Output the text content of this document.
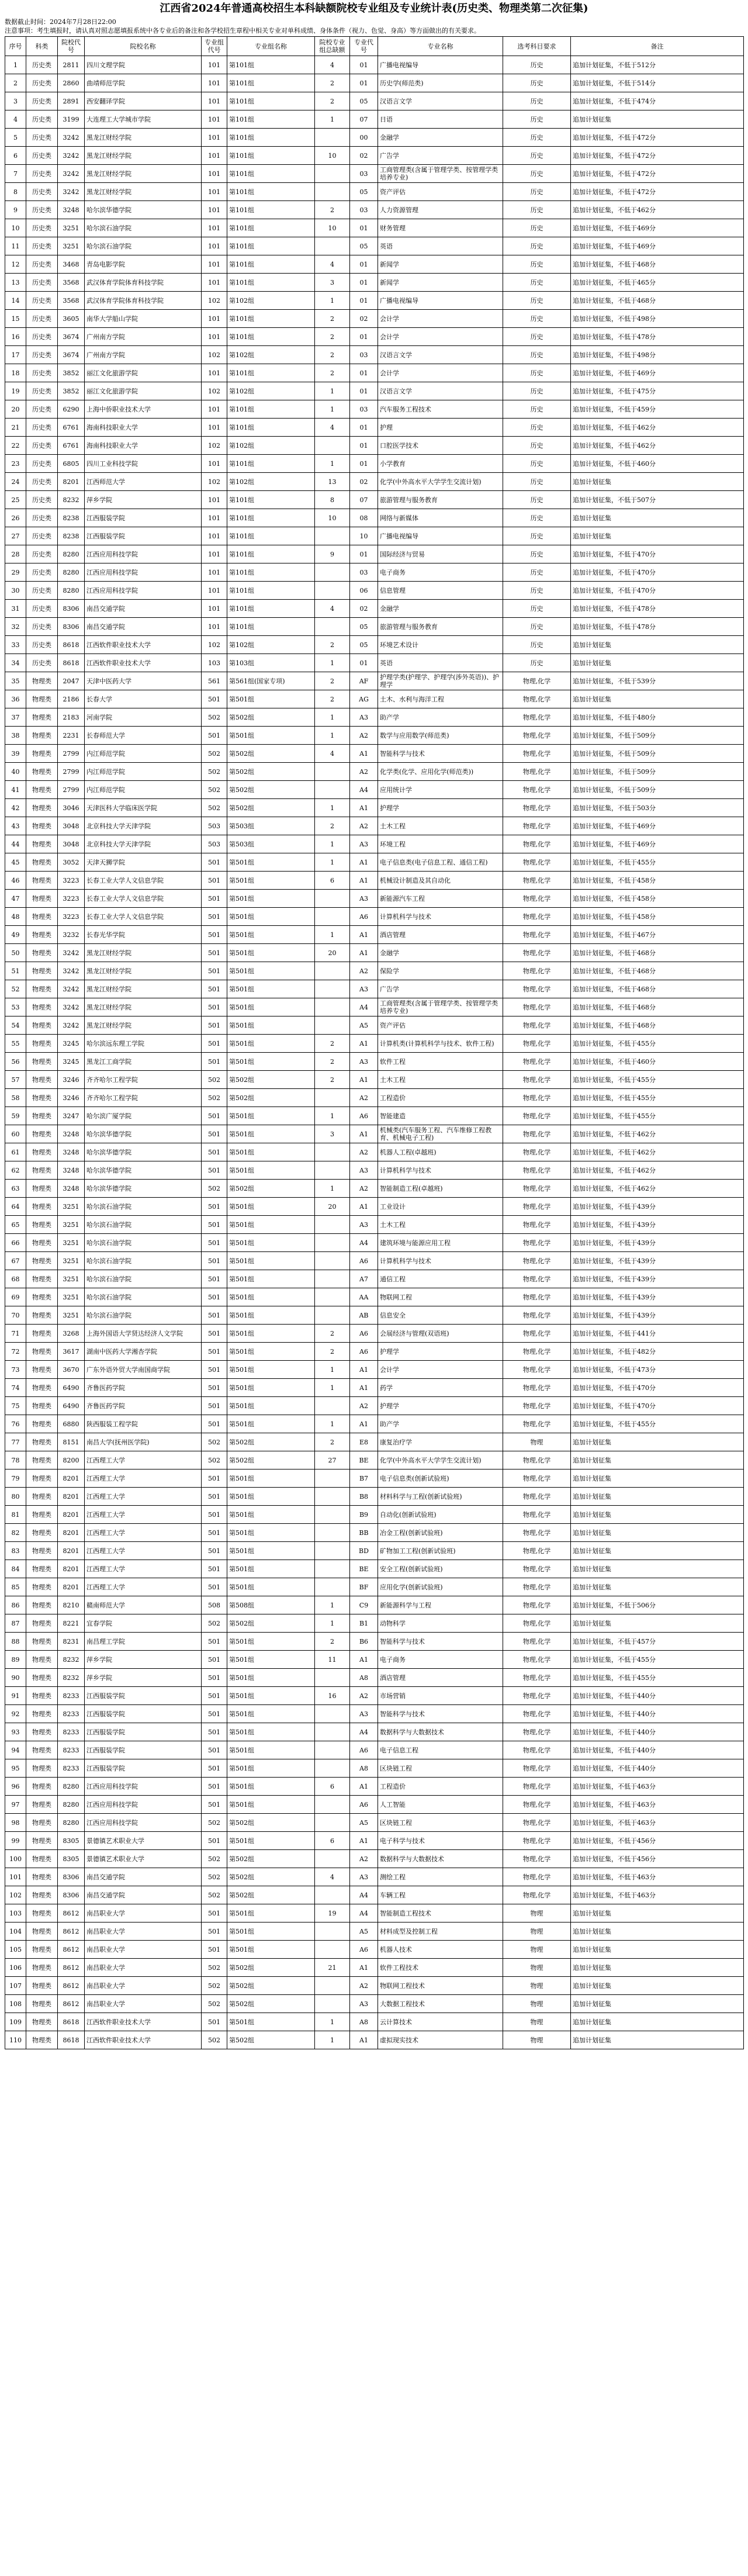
江西省2024年普通高校招生本科缺额院校专业组及专业统计表(历史类、物理类第二次征集)

数据截止时间：2024年7月28日22:00

注意事项：考生填报时，请认真对照志愿填报系统中各专业后的备注和各学校招生章程中相关专业对单科成绩、身体条件（视力、色觉、身高）等方面做出的有关要求。

序号	科类	院校代号	院校名称	专业组代号	专业组名称	院校专业组总缺额	专业代号	专业名称	选考科目要求	备注
1	历史类	2811	四川文理学院	101	第101组	4	01	广播电视编导	历史	追加计划征集，不低于512分
2	历史类	2860	曲靖师范学院	101	第101组	2	01	历史学(师范类)	历史	追加计划征集，不低于514分
3	历史类	2891	西安翻译学院	101	第101组	2	05	汉语言文学	历史	追加计划征集，不低于474分
4	历史类	3199	大连理工大学城市学院	101	第101组	1	07	日语	历史	追加计划征集
5	历史类	3242	黑龙江财经学院	101	第101组		00	金融学	历史	追加计划征集，不低于472分
6	历史类	3242	黑龙江财经学院	101	第101组	10	02	广告学	历史	追加计划征集，不低于472分
7	历史类	3242	黑龙江财经学院	101	第101组		03	工商管理类(含属于管理学类、按管理学类培养专业)	历史	追加计划征集，不低于472分
8	历史类	3242	黑龙江财经学院	101	第101组		05	资产评估	历史	追加计划征集，不低于472分
9	历史类	3248	哈尔滨华德学院	101	第101组	2	03	人力资源管理	历史	追加计划征集，不低于462分
10	历史类	3251	哈尔滨石油学院	101	第101组	10	01	财务管理	历史	追加计划征集，不低于469分
11	历史类	3251	哈尔滨石油学院	101	第101组		05	英语	历史	追加计划征集，不低于469分
12	历史类	3468	青岛电影学院	101	第101组	4	01	新闻学	历史	追加计划征集，不低于468分
13	历史类	3568	武汉体育学院体育科技学院	101	第101组	3	01	新闻学	历史	追加计划征集，不低于465分
14	历史类	3568	武汉体育学院体育科技学院	102	第102组	1	01	广播电视编导	历史	追加计划征集，不低于468分
15	历史类	3605	南华大学船山学院	101	第101组	2	02	会计学	历史	追加计划征集，不低于498分
16	历史类	3674	广州南方学院	101	第101组	2	01	会计学	历史	追加计划征集，不低于478分
17	历史类	3674	广州南方学院	102	第102组	2	03	汉语言文学	历史	追加计划征集，不低于498分
18	历史类	3852	丽江文化旅游学院	101	第101组	2	01	会计学	历史	追加计划征集，不低于469分
19	历史类	3852	丽江文化旅游学院	102	第102组	1	01	汉语言文学	历史	追加计划征集，不低于475分
20	历史类	6290	上海中侨职业技术大学	101	第101组	1	03	汽车服务工程技术	历史	追加计划征集，不低于459分
21	历史类	6761	海南科技职业大学	101	第101组	4	01	护理	历史	追加计划征集，不低于462分
22	历史类	6761	海南科技职业大学	102	第102组		01	口腔医学技术	历史	追加计划征集，不低于462分
23	历史类	6805	四川工业科技学院	101	第101组	1	01	小学教育	历史	追加计划征集，不低于460分
24	历史类	8201	江西师范大学	102	第102组	13	02	化学(中外高水平大学学生交流计划)	历史	追加计划征集
25	历史类	8232	萍乡学院	101	第101组	8	07	旅游管理与服务教育	历史	追加计划征集，不低于507分
26	历史类	8238	江西服装学院	101	第101组	10	08	网络与新媒体	历史	追加计划征集
27	历史类	8238	江西服装学院	101	第101组		10	广播电视编导	历史	追加计划征集
28	历史类	8280	江西应用科技学院	101	第101组	9	01	国际经济与贸易	历史	追加计划征集，不低于470分
29	历史类	8280	江西应用科技学院	101	第101组		03	电子商务	历史	追加计划征集，不低于470分
30	历史类	8280	江西应用科技学院	101	第101组		06	信息管理	历史	追加计划征集，不低于470分
31	历史类	8306	南昌交通学院	101	第101组	4	02	金融学	历史	追加计划征集，不低于478分
32	历史类	8306	南昌交通学院	101	第101组		05	旅游管理与服务教育	历史	追加计划征集，不低于478分
33	历史类	8618	江西软件职业技术大学	102	第102组	2	05	环境艺术设计	历史	追加计划征集
34	历史类	8618	江西软件职业技术大学	103	第103组	1	01	英语	历史	追加计划征集
35	物理类	2047	天津中医药大学	561	第561组(国家专项)	2	AF	护理学类(护理学、护理学(涉外英语))、护理学	物理,化学	追加计划征集，不低于539分
36	物理类	2186	长春大学	501	第501组	2	AG	土木、水利与海洋工程	物理,化学	追加计划征集
37	物理类	2183	河南学院	502	第502组	1	A3	助产学	物理,化学	追加计划征集，不低于480分
38	物理类	2231	长春师范大学	501	第501组	1	A2	数学与应用数学(师范类)	物理,化学	追加计划征集，不低于509分
39	物理类	2799	内江师范学院	502	第502组	4	A1	智能科学与技术	物理,化学	追加计划征集，不低于509分
40	物理类	2799	内江师范学院	502	第502组		A2	化学类(化学、应用化学(师范类))	物理,化学	追加计划征集，不低于509分
41	物理类	2799	内江师范学院	502	第502组		A4	应用统计学	物理,化学	追加计划征集，不低于509分
42	物理类	3046	天津医科大学临床医学院	502	第502组	1	A1	护理学	物理,化学	追加计划征集，不低于503分
43	物理类	3048	北京科技大学天津学院	503	第503组	2	A2	土木工程	物理,化学	追加计划征集，不低于469分
44	物理类	3048	北京科技大学天津学院	503	第503组	1	A3	环境工程	物理,化学	追加计划征集，不低于469分
45	物理类	3052	天津天狮学院	501	第501组	1	A1	电子信息类(电子信息工程、通信工程)	物理,化学	追加计划征集，不低于455分
46	物理类	3223	长春工业大学人文信息学院	501	第501组	6	A1	机械设计制造及其自动化	物理,化学	追加计划征集，不低于458分
47	物理类	3223	长春工业大学人文信息学院	501	第501组		A3	新能源汽车工程	物理,化学	追加计划征集，不低于458分
48	物理类	3223	长春工业大学人文信息学院	501	第501组		A6	计算机科学与技术	物理,化学	追加计划征集，不低于458分
49	物理类	3232	长春光华学院	501	第501组	1	A1	酒店管理	物理,化学	追加计划征集，不低于467分
50	物理类	3242	黑龙江财经学院	501	第501组	20	A1	金融学	物理,化学	追加计划征集，不低于468分
51	物理类	3242	黑龙江财经学院	501	第501组		A2	保险学	物理,化学	追加计划征集，不低于468分
52	物理类	3242	黑龙江财经学院	501	第501组		A3	广告学	物理,化学	追加计划征集，不低于468分
53	物理类	3242	黑龙江财经学院	501	第501组		A4	工商管理类(含属于管理学类、按管理学类培养专业)	物理,化学	追加计划征集，不低于468分
54	物理类	3242	黑龙江财经学院	501	第501组		A5	资产评估	物理,化学	追加计划征集，不低于468分
55	物理类	3245	哈尔滨远东理工学院	501	第501组	2	A1	计算机类(计算机科学与技术、软件工程)	物理,化学	追加计划征集，不低于455分
56	物理类	3245	黑龙江工商学院	501	第501组	2	A3	软件工程	物理,化学	追加计划征集，不低于460分
57	物理类	3246	齐齐哈尔工程学院	502	第502组	2	A1	土木工程	物理,化学	追加计划征集，不低于455分
58	物理类	3246	齐齐哈尔工程学院	502	第502组		A2	工程造价	物理,化学	追加计划征集，不低于455分
59	物理类	3247	哈尔滨广厦学院	501	第501组	1	A6	智能建造	物理,化学	追加计划征集，不低于455分
60	物理类	3248	哈尔滨华德学院	501	第501组	3	A1	机械类(汽车服务工程、汽车维修工程教育、机械电子工程)	物理,化学	追加计划征集，不低于462分
61	物理类	3248	哈尔滨华德学院	501	第501组		A2	机器人工程(卓越班)	物理,化学	追加计划征集，不低于462分
62	物理类	3248	哈尔滨华德学院	501	第501组		A3	计算机科学与技术	物理,化学	追加计划征集，不低于462分
63	物理类	3248	哈尔滨华德学院	502	第502组	1	A2	智能制造工程(卓越班)	物理,化学	追加计划征集，不低于462分
64	物理类	3251	哈尔滨石油学院	501	第501组	20	A1	工业设计	物理,化学	追加计划征集，不低于439分
65	物理类	3251	哈尔滨石油学院	501	第501组		A3	土木工程	物理,化学	追加计划征集，不低于439分
66	物理类	3251	哈尔滨石油学院	501	第501组		A4	建筑环境与能源应用工程	物理,化学	追加计划征集，不低于439分
67	物理类	3251	哈尔滨石油学院	501	第501组		A6	计算机科学与技术	物理,化学	追加计划征集，不低于439分
68	物理类	3251	哈尔滨石油学院	501	第501组		A7	通信工程	物理,化学	追加计划征集，不低于439分
69	物理类	3251	哈尔滨石油学院	501	第501组		AA	物联网工程	物理,化学	追加计划征集，不低于439分
70	物理类	3251	哈尔滨石油学院	501	第501组		AB	信息安全	物理,化学	追加计划征集，不低于439分
71	物理类	3268	上海外国语大学贤达经济人文学院	501	第501组	2	A6	会展经济与管理(双语班)	物理,化学	追加计划征集，不低于441分
72	物理类	3617	湖南中医药大学湘杏学院	501	第501组	2	A6	护理学	物理,化学	追加计划征集，不低于482分
73	物理类	3670	广东外语外贸大学南国商学院	501	第501组	1	A1	会计学	物理,化学	追加计划征集，不低于473分
74	物理类	6490	齐鲁医药学院	501	第501组	1	A1	药学	物理,化学	追加计划征集，不低于470分
75	物理类	6490	齐鲁医药学院	501	第501组		A2	护理学	物理,化学	追加计划征集，不低于470分
76	物理类	6880	陕西服装工程学院	501	第501组	1	A1	助产学	物理,化学	追加计划征集，不低于455分
77	物理类	8151	南昌大学(抚州医学院)	502	第502组	2	E8	康复治疗学	物理	追加计划征集
78	物理类	8200	江西理工大学	502	第502组	27	BE	化学(中外高水平大学学生交流计划)	物理,化学	追加计划征集
79	物理类	8201	江西理工大学	501	第501组		B7	电子信息类(创新试验班)	物理,化学	追加计划征集
80	物理类	8201	江西理工大学	501	第501组		B8	材料科学与工程(创新试验班)	物理,化学	追加计划征集
81	物理类	8201	江西理工大学	501	第501组		B9	自动化(创新试验班)	物理,化学	追加计划征集
82	物理类	8201	江西理工大学	501	第501组		BB	冶金工程(创新试验班)	物理,化学	追加计划征集
83	物理类	8201	江西理工大学	501	第501组		BD	矿物加工工程(创新试验班)	物理,化学	追加计划征集
84	物理类	8201	江西理工大学	501	第501组		BE	安全工程(创新试验班)	物理,化学	追加计划征集
85	物理类	8201	江西理工大学	501	第501组		BF	应用化学(创新试验班)	物理,化学	追加计划征集
86	物理类	8210	赣南师范大学	508	第508组	1	C9	新能源科学与工程	物理,化学	追加计划征集，不低于506分
87	物理类	8221	宜春学院	502	第502组	1	B1	动物科学	物理,化学	追加计划征集
88	物理类	8231	南昌理工学院	501	第501组	2	B6	智能科学与技术	物理,化学	追加计划征集，不低于457分
89	物理类	8232	萍乡学院	501	第501组	11	A1	电子商务	物理,化学	追加计划征集，不低于455分
90	物理类	8232	萍乡学院	501	第501组		A8	酒店管理	物理,化学	追加计划征集，不低于455分
91	物理类	8233	江西服装学院	501	第501组	16	A2	市场营销	物理,化学	追加计划征集，不低于440分
92	物理类	8233	江西服装学院	501	第501组		A3	智能科学与技术	物理,化学	追加计划征集，不低于440分
93	物理类	8233	江西服装学院	501	第501组		A4	数据科学与大数据技术	物理,化学	追加计划征集，不低于440分
94	物理类	8233	江西服装学院	501	第501组		A6	电子信息工程	物理,化学	追加计划征集，不低于440分
95	物理类	8233	江西服装学院	501	第501组		A8	区块链工程	物理,化学	追加计划征集，不低于440分
96	物理类	8280	江西应用科技学院	501	第501组	6	A1	工程造价	物理,化学	追加计划征集，不低于463分
97	物理类	8280	江西应用科技学院	501	第501组		A6	人工智能	物理,化学	追加计划征集，不低于463分
98	物理类	8280	江西应用科技学院	502	第502组		A5	区块链工程	物理,化学	追加计划征集，不低于463分
99	物理类	8305	景德镇艺术职业大学	501	第501组	6	A1	电子科学与技术	物理,化学	追加计划征集，不低于456分
100	物理类	8305	景德镇艺术职业大学	502	第502组		A2	数据科学与大数据技术	物理,化学	追加计划征集，不低于456分
101	物理类	8306	南昌交通学院	502	第502组	4	A3	测绘工程	物理,化学	追加计划征集，不低于463分
102	物理类	8306	南昌交通学院	502	第502组		A4	车辆工程	物理,化学	追加计划征集，不低于463分
103	物理类	8612	南昌职业大学	501	第501组	19	A4	智能制造工程技术	物理	追加计划征集
104	物理类	8612	南昌职业大学	501	第501组		A5	材料成型及控制工程	物理	追加计划征集
105	物理类	8612	南昌职业大学	501	第501组		A6	机器人技术	物理	追加计划征集
106	物理类	8612	南昌职业大学	502	第502组	21	A1	软件工程技术	物理	追加计划征集
107	物理类	8612	南昌职业大学	502	第502组		A2	物联网工程技术	物理	追加计划征集
108	物理类	8612	南昌职业大学	502	第502组		A3	大数据工程技术	物理	追加计划征集
109	物理类	8618	江西软件职业技术大学	501	第501组	1	A8	云计算技术	物理	追加计划征集
110	物理类	8618	江西软件职业技术大学	502	第502组	1	A1	虚拟现实技术	物理	追加计划征集
